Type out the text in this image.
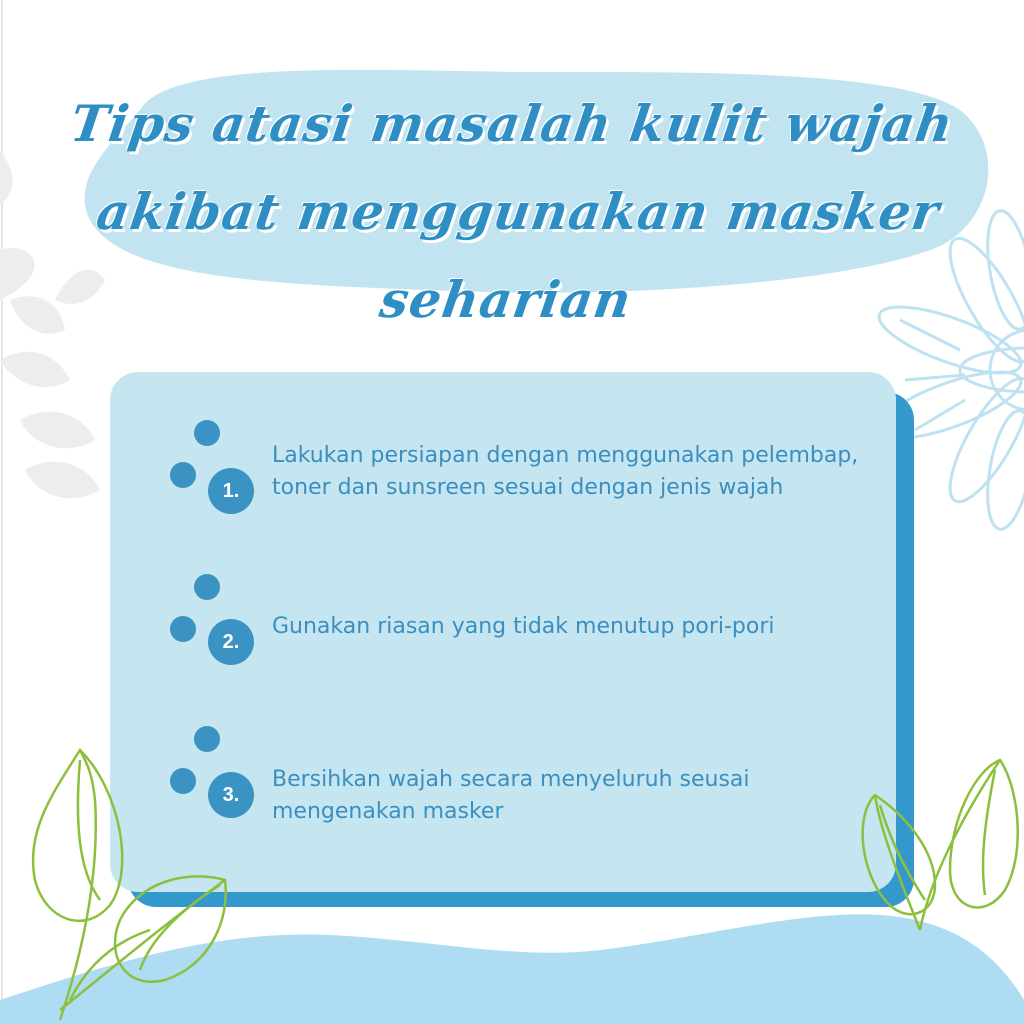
Tips atasi masalah kulit wajah
akibat menggunakan masker seharian
1.
Lakukan persiapan dengan menggunakan pelembap, toner dan sunsreen sesuai dengan jenis wajah
2.
Gunakan riasan yang tidak menutup pori-pori
3.
Bersihkan wajah secara menyeluruh seusai mengenakan masker
